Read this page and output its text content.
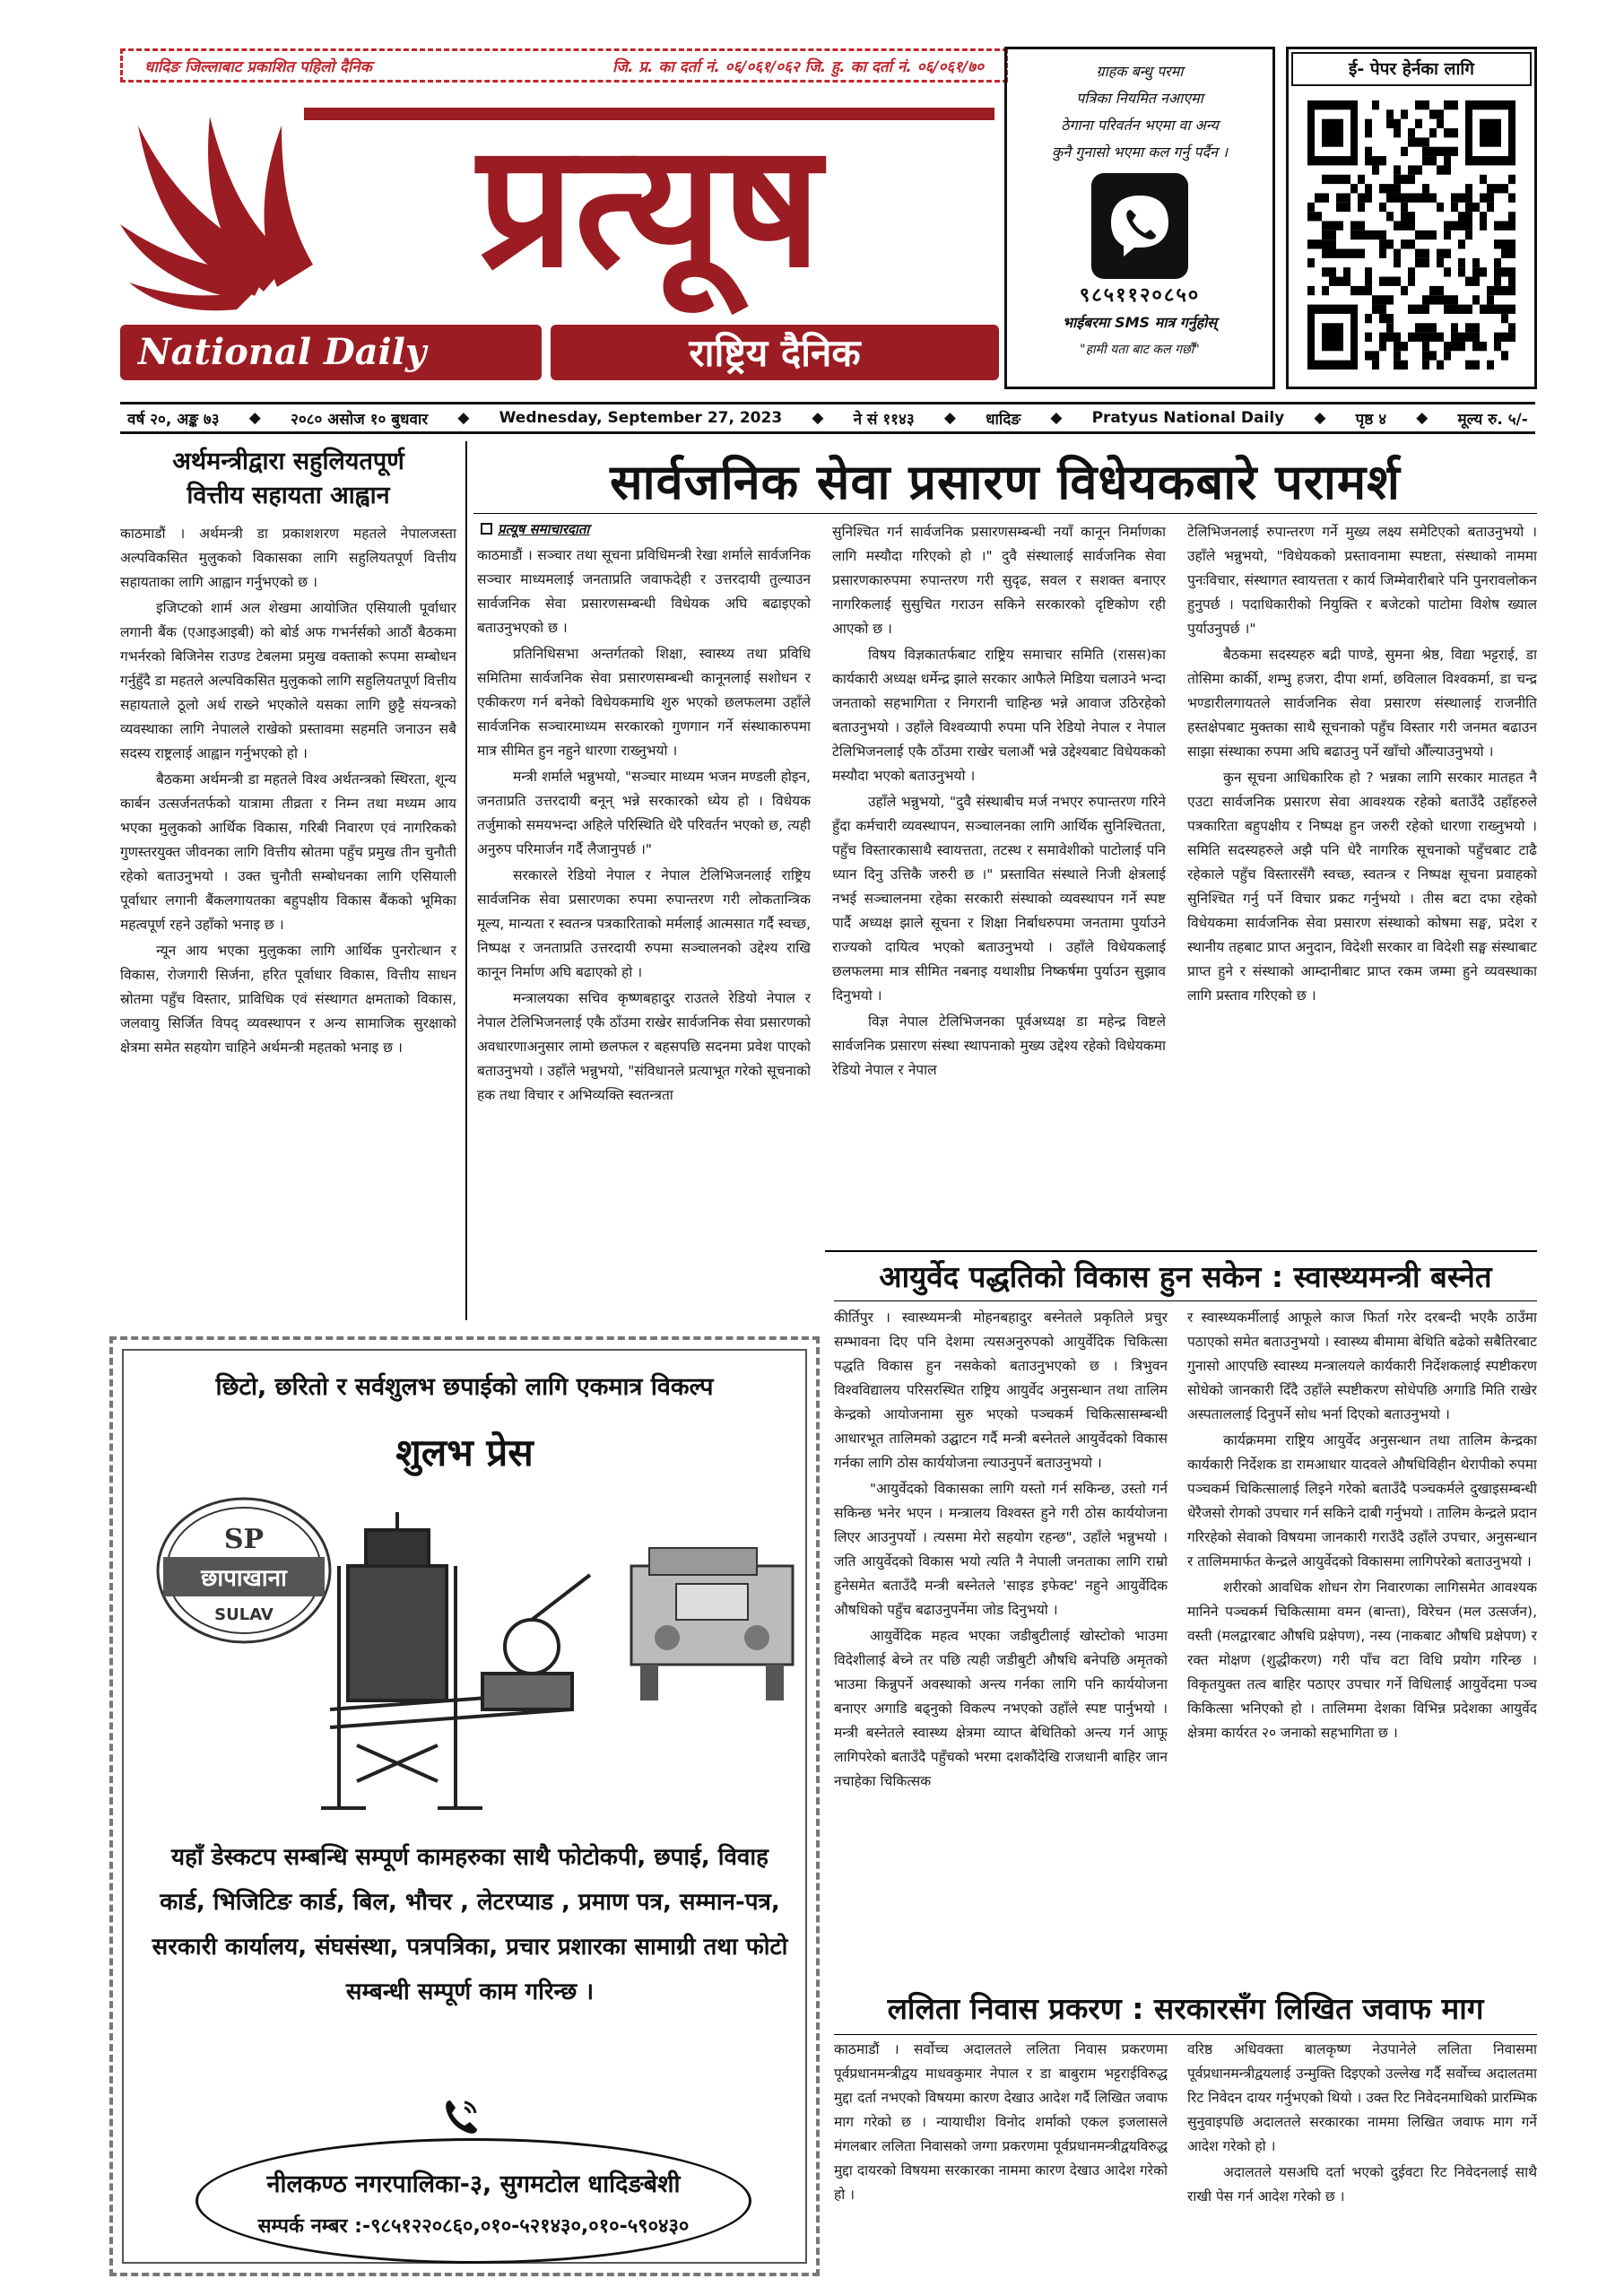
धादिङ जिल्लाबाट प्रकाशित पहिलो दैनिक	जि. प्र. का दर्ता नं. ०६/०६१/०६२ जि. हु. का दर्ता नं. ०६/०६१/७०
प्रत्यूष
National Daily	राष्ट्रिय दैनिक
ग्राहक बन्धु परमा
पत्रिका नियमित नआएमा
ठेगाना परिवर्तन भएमा वा अन्य
कुनै गुनासो भएमा कल गर्नु पर्दैन ।
९८५११२०८५०
भाईबरमा SMS मात्र गर्नुहोस्
"हामी यता बाट कल गर्छौं"
ई- पेपर हेर्नका लागि
वर्ष २०, अङ्क ७३ ◆ २०८० असोज १० बुधवार ◆ Wednesday, September 27, 2023 ◆ ने सं ११४३ ◆ धादिङ ◆ Pratyus National Daily ◆ पृष्ठ ४ ◆ मूल्य रु. ५/-
अर्थमन्त्रीद्वारा सहुलियतपूर्ण
वित्तीय सहायता आह्वान

काठमाडौं । अर्थमन्त्री डा प्रकाशशरण महतले नेपालजस्ता अल्पविकसित मुलुकको विकासका लागि सहुलियतपूर्ण वित्तीय सहायताका लागि आह्वान गर्नुभएको छ ।

इजिप्टको शार्म अल शेखमा आयोजित एसियाली पूर्वाधार लगानी बैंक (एआइआइबी) को बोर्ड अफ गभर्नर्सको आठौं बैठकमा गभर्नरको बिजिनेस राउण्ड टेबलमा प्रमुख वक्ताको रूपमा सम्बोधन गर्नुहुँदै डा महतले अल्पविकसित मुलुकको लागि सहुलियतपूर्ण वित्तीय सहायताले ठूलो अर्थ राख्ने भएकोले यसका लागि छुट्टै संयन्त्रको व्यवस्थाका लागि नेपालले राखेको प्रस्तावमा सहमति जनाउन सबै सदस्य राष्ट्रलाई आह्वान गर्नुभएको हो ।

बैठकमा अर्थमन्त्री डा महतले विश्व अर्थतन्त्रको स्थिरता, शून्य कार्बन उत्सर्जनतर्फको यात्रामा तीव्रता र निम्न तथा मध्यम आय भएका मुलुकको आर्थिक विकास, गरिबी निवारण एवं नागरिकको गुणस्तरयुक्त जीवनका लागि वित्तीय स्रोतमा पहुँच प्रमुख तीन चुनौती रहेको बताउनुभयो । उक्त चुनौती सम्बोधनका लागि एसियाली पूर्वाधार लगानी बैंकलगायतका बहुपक्षीय विकास बैंकको भूमिका महत्वपूर्ण रहने उहाँको भनाइ छ ।

न्यून आय भएका मुलुकका लागि आर्थिक पुनरोत्थान र विकास, रोजगारी सिर्जना, हरित पूर्वाधार विकास, वित्तीय साधन स्रोतमा पहुँच विस्तार, प्राविधिक एवं संस्थागत क्षमताको विकास, जलवायु सिर्जित विपद् व्यवस्थापन र अन्य सामाजिक सुरक्षाको क्षेत्रमा समेत सहयोग चाहिने अर्थमन्त्री महतको भनाइ छ ।

सार्वजनिक सेवा प्रसारण विधेयकबारे परामर्श
प्रत्यूष समाचारदाता

काठमाडौं । सञ्चार तथा सूचना प्रविधिमन्त्री रेखा शर्माले सार्वजनिक सञ्चार माध्यमलाई जनताप्रति जवाफदेही र उत्तरदायी तुल्याउन सार्वजनिक सेवा प्रसारणसम्बन्धी विधेयक अघि बढाइएको बताउनुभएको छ ।

प्रतिनिधिसभा अन्तर्गतको शिक्षा, स्वास्थ्य तथा प्रविधि समितिमा सार्वजनिक सेवा प्रसारणसम्बन्धी कानूनलाई सशोधन र एकीकरण गर्न बनेको विधेयकमाथि शुरु भएको छलफलमा उहाँले सार्वजनिक सञ्चारमाध्यम सरकारको गुणगान गर्ने संस्थाकारुपमा मात्र सीमित हुन नहुने धारणा राख्नुभयो ।

मन्त्री शर्माले भन्नुभयो, "सञ्चार माध्यम भजन मण्डली होइन, जनताप्रति उत्तरदायी बनून् भन्ने सरकारको ध्येय हो । विधेयक तर्जुमाको समयभन्दा अहिले परिस्थिति धेरै परिवर्तन भएको छ, त्यही अनुरुप परिमार्जन गर्दै लैजानुपर्छ ।"

सरकारले रेडियो नेपाल र नेपाल टेलिभिजनलाई राष्ट्रिय सार्वजनिक सेवा प्रसारणका रुपमा रुपान्तरण गरी लोकतान्त्रिक मूल्य, मान्यता र स्वतन्त्र पत्रकारिताको मर्मलाई आत्मसात गर्दै स्वच्छ, निष्पक्ष र जनताप्रति उत्तरदायी रुपमा सञ्चालनको उद्देश्य राखि कानून निर्माण अघि बढाएको हो ।

मन्त्रालयका सचिव कृष्णबहादुर राउतले रेडियो नेपाल र नेपाल टेलिभिजनलाई एकै ठाँउमा राखेर सार्वजनिक सेवा प्रसारणको अवधारणाअनुसार लामो छलफल र बहसपछि सदनमा प्रवेश पाएको बताउनुभयो । उहाँले भन्नुभयो, "संविधानले प्रत्याभूत गरेको सूचनाको हक तथा विचार र अभिव्यक्ति स्वतन्त्रता

सुनिश्चित गर्न सार्वजनिक प्रसारणसम्बन्धी नयाँ कानून निर्माणका लागि मस्यौदा गरिएको हो ।" दुवै संस्थालाई सार्वजनिक सेवा प्रसारणकारुपमा रुपान्तरण गरी सुदृढ, सवल र सशक्त बनाएर नागरिकलाई सुसुचित गराउन सकिने सरकारको दृष्टिकोण रही आएको छ ।

विषय विज्ञकातर्फबाट राष्ट्रिय समाचार समिति (रासस)का कार्यकारी अध्यक्ष धर्मेन्द्र झाले सरकार आफैले मिडिया चलाउने भन्दा जनताको सहभागिता र निगरानी चाहिन्छ भन्ने आवाज उठिरहेको बताउनुभयो । उहाँले विश्वव्यापी रुपमा पनि रेडियो नेपाल र नेपाल टेलिभिजनलाई एकै ठाँउमा राखेर चलाऔं भन्ने उद्देश्यबाट विधेयकको मस्यौदा भएको बताउनुभयो ।

उहाँले भन्नुभयो, "दुवै संस्थाबीच मर्ज नभएर रुपान्तरण गरिने हुँदा कर्मचारी व्यवस्थापन, सञ्चालनका लागि आर्थिक सुनिश्चितता, पहुँच विस्तारकासाथै स्वायत्तता, तटस्थ र समावेशीको पाटोलाई पनि ध्यान दिनु उत्तिकै जरुरी छ ।" प्रस्तावित संस्थाले निजी क्षेत्रलाई नभई सञ्चालनमा रहेका सरकारी संस्थाको व्यवस्थापन गर्ने स्पष्ट पार्दै अध्यक्ष झाले सूचना र शिक्षा निर्बाधरुपमा जनतामा पुर्याउने राज्यको दायित्व भएको बताउनुभयो । उहाँले विधेयकलाई छलफलमा मात्र सीमित नबनाइ यथाशीघ्र निष्कर्षमा पुर्याउन सुझाव दिनुभयो ।

विज्ञ नेपाल टेलिभिजनका पूर्वअध्यक्ष डा महेन्द्र विष्टले सार्वजनिक प्रसारण संस्था स्थापनाको मुख्य उद्देश्य रहेको विधेयकमा रेडियो नेपाल र नेपाल

टेलिभिजनलाई रुपान्तरण गर्ने मुख्य लक्ष्य समेटिएको बताउनुभयो । उहाँले भन्नुभयो, "विधेयकको प्रस्तावनामा स्पष्टता, संस्थाको नाममा पुनःविचार, संस्थागत स्वायत्तता र कार्य जिम्मेवारीबारे पनि पुनरावलोकन हुनुपर्छ । पदाधिकारीको नियुक्ति र बजेटको पाटोमा विशेष ख्याल पुर्याउनुपर्छ ।"

बैठकमा सदस्यहरु बद्री पाण्डे, सुमना श्रेष्ठ, विद्या भट्टराई, डा तोसिमा कार्की, शम्भु हजरा, दीपा शर्मा, छविलाल विश्वकर्मा, डा चन्द्र भण्डारीलगायतले सार्वजनिक सेवा प्रसारण संस्थालाई राजनीति हस्तक्षेपबाट मुक्तका साथै सूचनाको पहुँच विस्तार गरी जनमत बढाउन साझा संस्थाका रुपमा अघि बढाउनु पर्ने खाँचो औँल्याउनुभयो ।

कुन सूचना आधिकारिक हो ? भन्नका लागि सरकार मातहत नै एउटा सार्वजनिक प्रसारण सेवा आवश्यक रहेको बताउँदै उहाँहरुले पत्रकारिता बहुपक्षीय र निष्पक्ष हुन जरुरी रहेको धारणा राख्नुभयो । समिति सदस्यहरुले अझै पनि धेरै नागरिक सूचनाको पहुँचबाट टाढै रहेकाले पहुँच विस्तारसँगै स्वच्छ, स्वतन्त्र र निष्पक्ष सूचना प्रवाहको सुनिश्चित गर्नु पर्ने विचार प्रकट गर्नुभयो । तीस बटा दफा रहेको विधेयकमा सार्वजनिक सेवा प्रसारण संस्थाको कोषमा सङ्घ, प्रदेश र स्थानीय तहबाट प्राप्त अनुदान, विदेशी सरकार वा विदेशी सङ्घ संस्थाबाट प्राप्त हुने र संस्थाको आम्दानीबाट प्राप्त रकम जम्मा हुने व्यवस्थाका लागि प्रस्ताव गरिएको छ ।

आयुर्वेद पद्धतिको विकास हुन सकेन : स्वास्थ्यमन्त्री बस्नेत

कीर्तिपुर । स्वास्थ्यमन्त्री मोहनबहादुर बस्नेतले प्रकृतिले प्रचुर सम्भावना दिए पनि देशमा त्यसअनुरुपको आयुर्वेदिक चिकित्सा पद्धति विकास हुन नसकेको बताउनुभएको छ । त्रिभुवन विश्वविद्यालय परिसरस्थित राष्ट्रिय आयुर्वेद अनुसन्धान तथा तालिम केन्द्रको आयोजनामा सुरु भएको पञ्चकर्म चिकित्सासम्बन्धी आधारभूत तालिमको उद्घाटन गर्दै मन्त्री बस्नेतले आयुर्वेदको विकास गर्नका लागि ठोस कार्ययोजना ल्याउनुपर्ने बताउनुभयो ।

"आयुर्वेदको विकासका लागि यस्तो गर्न सकिन्छ, उस्तो गर्न सकिन्छ भनेर भएन । मन्त्रालय विश्वस्त हुने गरी ठोस कार्ययोजना लिएर आउनुपर्यो । त्यसमा मेरो सहयोग रहन्छ", उहाँले भन्नुभयो । जति आयुर्वेदको विकास भयो त्यति नै नेपाली जनताका लागि राम्रो हुनेसमेत बताउँदै मन्त्री बस्नेतले 'साइड इफेक्ट' नहुने आयुर्वेदिक औषधिको पहुँच बढाउनुपर्नेमा जोड दिनुभयो ।

आयुर्वेदिक महत्व भएका जडीबुटीलाई खोस्टोको भाउमा विदेशीलाई बेच्ने तर पछि त्यही जडीबुटी औषधि बनेपछि अमृतको भाउमा किन्नुपर्ने अवस्थाको अन्त्य गर्नका लागि पनि कार्ययोजना बनाएर अगाडि बढ्नुको विकल्प नभएको उहाँले स्पष्ट पार्नुभयो । मन्त्री बस्नेतले स्वास्थ्य क्षेत्रमा व्याप्त बेथितिको अन्त्य गर्न आफू लागिपरेको बताउँदै पहुँचको भरमा दशकौंदेखि राजधानी बाहिर जान नचाहेका चिकित्सक

र स्वास्थ्यकर्मीलाई आफूले काज फिर्ता गरेर दरबन्दी भएकै ठाउँमा पठाएको समेत बताउनुभयो । स्वास्थ्य बीमामा बेथिति बढेको सबैतिरबाट गुनासो आएपछि स्वास्थ्य मन्त्रालयले कार्यकारी निर्देशकलाई स्पष्टीकरण सोधेको जानकारी दिँदै उहाँले स्पष्टीकरण सोधेपछि अगाडि मिति राखेर अस्पताललाई दिनुपर्ने सोध भर्ना दिएको बताउनुभयो ।

कार्यक्रममा राष्ट्रिय आयुर्वेद अनुसन्धान तथा तालिम केन्द्रका कार्यकारी निर्देशक डा रामआधार यादवले औषधिविहीन थेरापीको रुपमा पञ्चकर्म चिकित्सालाई लिइने गरेको बताउँदै पञ्चकर्मले दुखाइसम्बन्धी धेरैजसो रोगको उपचार गर्न सकिने दाबी गर्नुभयो । तालिम केन्द्रले प्रदान गरिरहेको सेवाको विषयमा जानकारी गराउँदै उहाँले उपचार, अनुसन्धान र तालिममार्फत केन्द्रले आयुर्वेदको विकासमा लागिपरेको बताउनुभयो ।

शरीरको आवधिक शोधन रोग निवारणका लागिसमेत आवश्यक मानिने पञ्चकर्म चिकित्सामा वमन (बान्ता), विरेचन (मल उत्सर्जन), वस्ती (मलद्वारबाट औषधि प्रक्षेपण), नस्य (नाकबाट औषधि प्रक्षेपण) र रक्त मोक्षण (शुद्धीकरण) गरी पाँच वटा विधि प्रयोग गरिन्छ । विकृतयुक्त तत्व बाहिर पठाएर उपचार गर्ने विधिलाई आयुर्वेदमा पञ्च किकित्सा भनिएको हो । तालिममा देशका विभिन्न प्रदेशका आयुर्वेद क्षेत्रमा कार्यरत २० जनाको सहभागिता छ ।

ललिता निवास प्रकरण : सरकारसँग लिखित जवाफ माग

काठमाडौं । सर्वोच्च अदालतले ललिता निवास प्रकरणमा पूर्वप्रधानमन्त्रीद्वय माधवकुमार नेपाल र डा बाबुराम भट्टराईविरुद्ध मुद्दा दर्ता नभएको विषयमा कारण देखाउ आदेश गर्दै लिखित जवाफ माग गरेको छ । न्यायाधीश विनोद शर्माको एकल इजलासले मंगलबार ललिता निवासको जग्गा प्रकरणमा पूर्वप्रधानमन्त्रीद्वयविरुद्ध मुद्दा दायरको विषयमा सरकारका नाममा कारण देखाउ आदेश गरेको हो ।

वरिष्ठ अधिवक्ता बालकृष्ण नेउपानेले ललिता निवासमा पूर्वप्रधानमन्त्रीद्वयलाई उन्मुक्ति दिइएको उल्लेख गर्दै सर्वोच्च अदालतमा रिट निवेदन दायर गर्नुभएको थियो । उक्त रिट निवेदनमाथिको प्रारम्भिक सुनुवाइपछि अदालतले सरकारका नाममा लिखित जवाफ माग गर्ने आदेश गरेको हो ।

अदालतले यसअघि दर्ता भएको दुईवटा रिट निवेदनलाई साथै राखी पेस गर्न आदेश गरेको छ ।

छिटो, छरितो र सर्वशुलभ छपाईको लागि एकमात्र विकल्प
शुलभ प्रेस
SP
छापाखाना
SULAV
यहाँ डेस्कटप सम्बन्धि सम्पूर्ण कामहरुका साथै फोटोकपी, छपाई, विवाह कार्ड, भिजिटिङ कार्ड, बिल, भौचर , लेटरप्याड , प्रमाण पत्र, सम्मान-पत्र, सरकारी कार्यालय, संघसंस्था, पत्रपत्रिका, प्रचार प्रशारका सामाग्री तथा फोटो सम्बन्धी सम्पूर्ण काम गरिन्छ ।
नीलकण्ठ नगरपालिका-३, सुगमटोल धादिङबेशी
सम्पर्क नम्बर :-९८५१२२०८६०,०१०-५२१४३०,०१०-५९०४३०
